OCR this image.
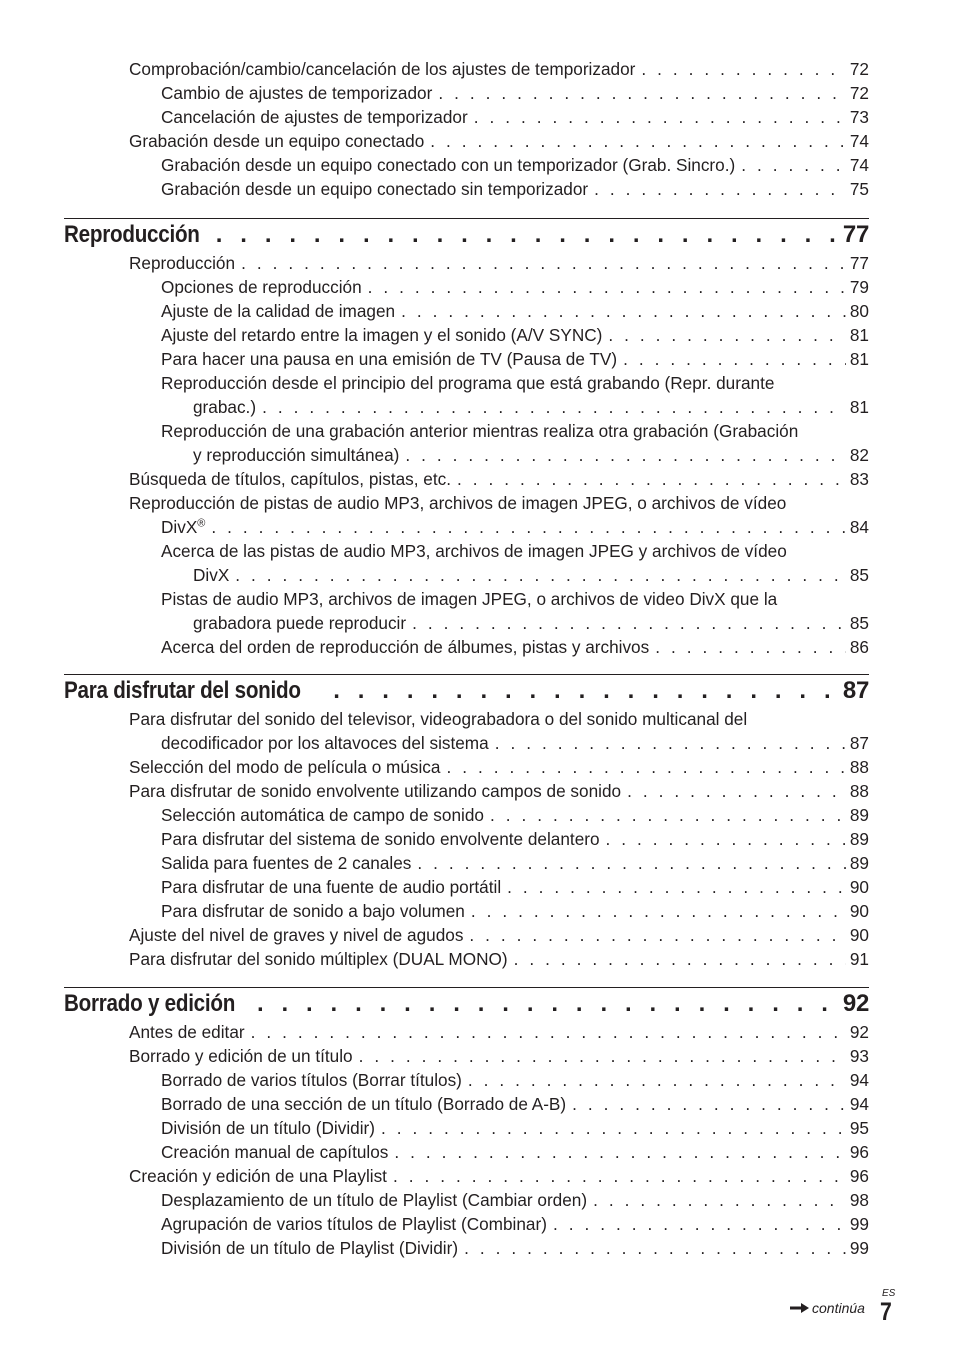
Comprobación/cambio/cancelación de los ajustes de temporizador . . .	72
Cambio de ajustes de temporizador . . .	72
Cancelación de ajustes de temporizador . . .	73
Grabación desde un equipo conectado . . .	74
Grabación desde un equipo conectado con un temporizador (Grab. Sincro.) . . .	74
Grabación desde un equipo conectado sin temporizador . . .	75
Reproducción . . .	77
Reproducción . . .	77
Opciones de reproducción . . .	79
Ajuste de la calidad de imagen . . .	80
Ajuste del retardo entre la imagen y el sonido (A/V SYNC) . . .	81
Para hacer una pausa en una emisión de TV (Pausa de TV) . . .	81
Reproducción desde el principio del programa que está grabando (Repr. durante
grabac.) . . .	81
Reproducción de una grabación anterior mientras realiza otra grabación (Grabación
y reproducción simultánea) . . .	82
Búsqueda de títulos, capítulos, pistas, etc. . . .	83
Reproducción de pistas de audio MP3, archivos de imagen JPEG, o archivos de vídeo
DivX® . . .	84
Acerca de las pistas de audio MP3, archivos de imagen JPEG y archivos de vídeo
DivX . . .	85
Pistas de audio MP3, archivos de imagen JPEG, o archivos de video DivX que la
grabadora puede reproducir . . .	85
Acerca del orden de reproducción de álbumes, pistas y archivos . . .	86
Para disfrutar del sonido . . .	87
Para disfrutar del sonido del televisor, videograbadora o del sonido multicanal del
decodificador por los altavoces del sistema . . .	87
Selección del modo de película o música . . .	88
Para disfrutar de sonido envolvente utilizando campos de sonido . . .	88
Selección automática de campo de sonido . . .	89
Para disfrutar del sistema de sonido envolvente delantero . . .	89
Salida para fuentes de 2 canales . . .	89
Para disfrutar de una fuente de audio portátil . . .	90
Para disfrutar de sonido a bajo volumen . . .	90
Ajuste del nivel de graves y nivel de agudos . . .	90
Para disfrutar del sonido múltiplex (DUAL MONO) . . .	91
Borrado y edición . . .	92
Antes de editar . . .	92
Borrado y edición de un título . . .	93
Borrado de varios títulos (Borrar títulos) . . .	94
Borrado de una sección de un título (Borrado de A-B) . . .	94
División de un título (Dividir) . . .	95
Creación manual de capítulos . . .	96
Creación y edición de una Playlist . . .	96
Desplazamiento de un título de Playlist (Cambiar orden) . . .	98
Agrupación de varios títulos de Playlist (Combinar) . . .	99
División de un título de Playlist (Dividir) . . .	99
continúa
ES
7
